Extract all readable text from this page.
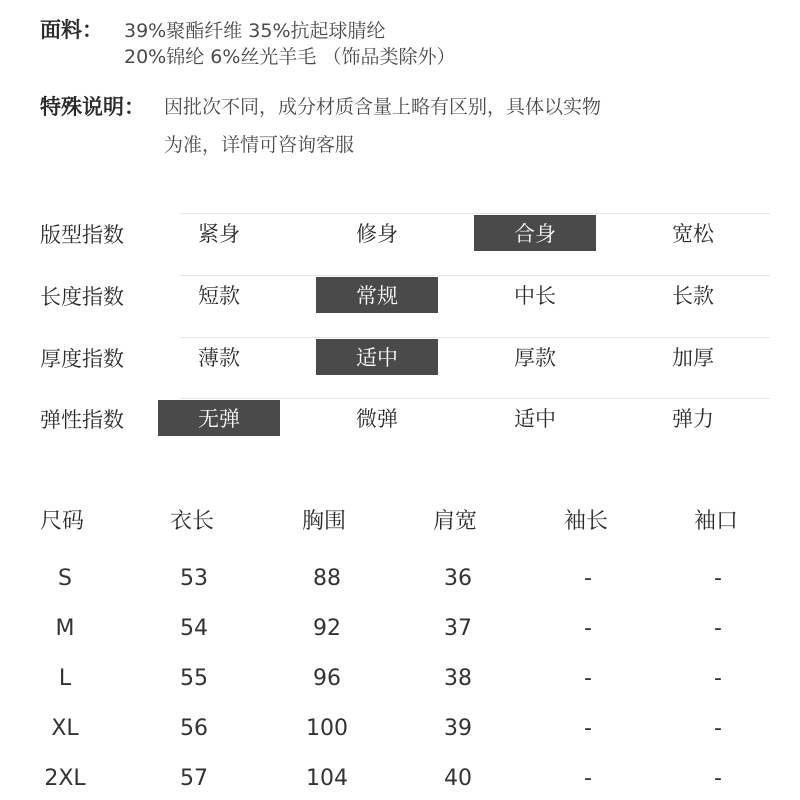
面料： 39%聚酯纤维 35%抗起球腈纶
20%锦纶 6%丝光羊毛 （饰品类除外）
特殊说明： 因批次不同，成分材质含量上略有区别，具体以实物
为准，详情可咨询客服
版型指数	紧身	修身	合身	宽松
长度指数	短款	常规	中长	长款
厚度指数	薄款	适中	厚款	加厚
弹性指数	无弹	微弹	适中	弹力
尺码	衣长	胸围	肩宽	袖长	袖口
S	53	88	36	-	-
M	54	92	37	-	-
L	55	96	38	-	-
XL	56	100	39	-	-
2XL	57	104	40	-	-
